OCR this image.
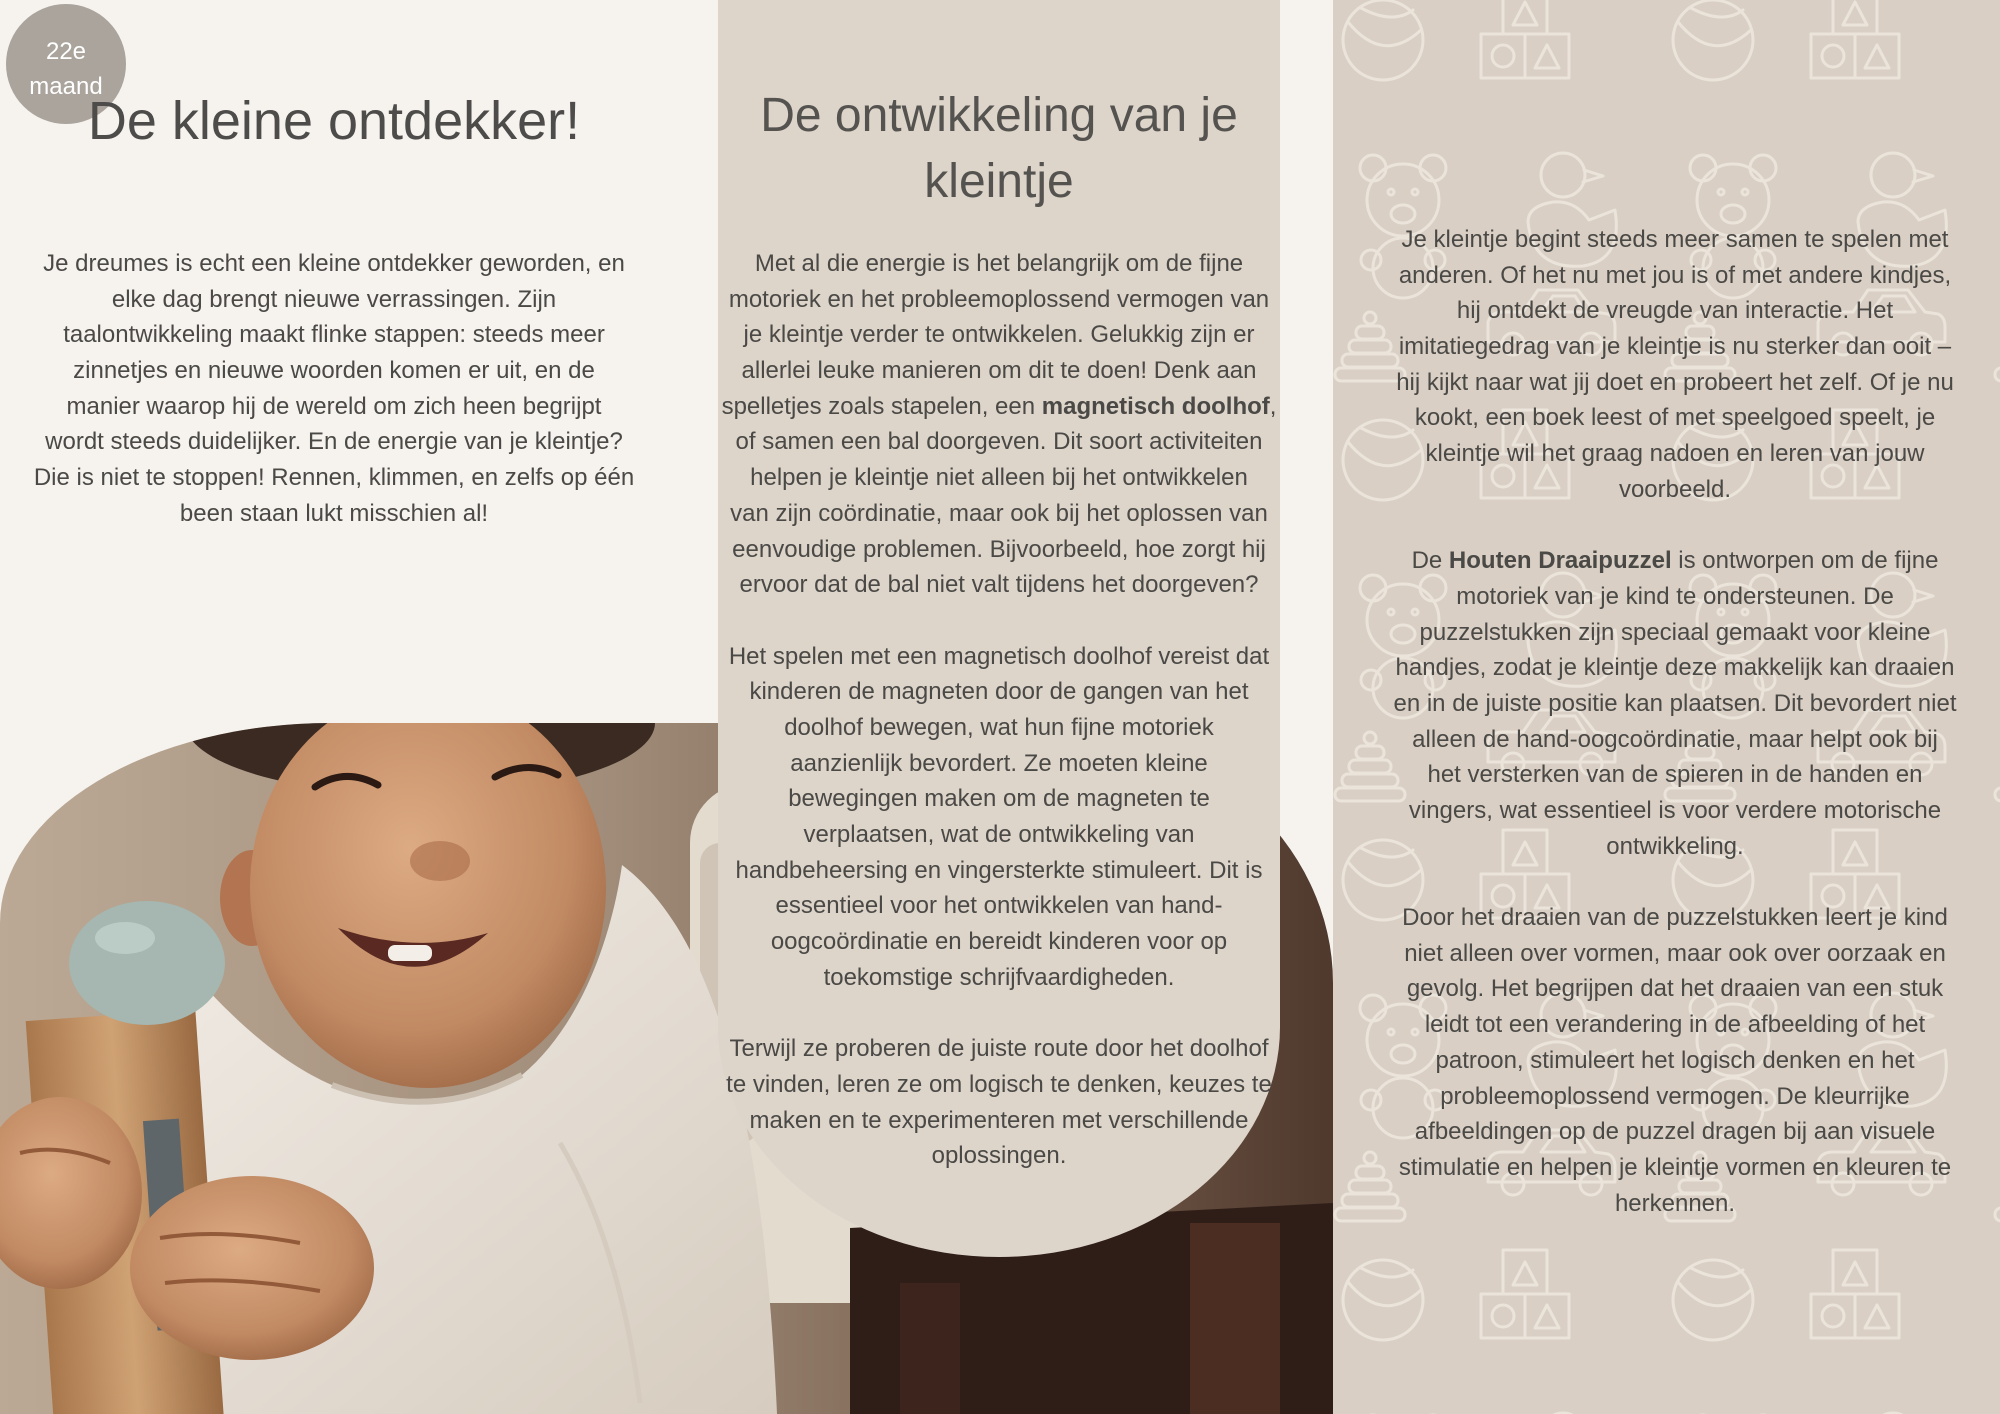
22e
maand
De kleine ontdekker!
Je dreumes is echt een kleine ontdekker geworden, en
elke dag brengt nieuwe verrassingen. Zijn
taalontwikkeling maakt flinke stappen: steeds meer
zinnetjes en nieuwe woorden komen er uit, en de
manier waarop hij de wereld om zich heen begrijpt
wordt steeds duidelijker. En de energie van je kleintje?
Die is niet te stoppen! Rennen, klimmen, en zelfs op één
been staan lukt misschien al!
De ontwikkeling van je
kleintje
Met al die energie is het belangrijk om de fijne
motoriek en het probleemoplossend vermogen van
je kleintje verder te ontwikkelen. Gelukkig zijn er
allerlei leuke manieren om dit te doen! Denk aan
spelletjes zoals stapelen, een magnetisch doolhof,
of samen een bal doorgeven. Dit soort activiteiten
helpen je kleintje niet alleen bij het ontwikkelen
van zijn coördinatie, maar ook bij het oplossen van
eenvoudige problemen. Bijvoorbeeld, hoe zorgt hij
ervoor dat de bal niet valt tijdens het doorgeven?
Het spelen met een magnetisch doolhof vereist dat
kinderen de magneten door de gangen van het
doolhof bewegen, wat hun fijne motoriek
aanzienlijk bevordert. Ze moeten kleine
bewegingen maken om de magneten te
verplaatsen, wat de ontwikkeling van
handbeheersing en vingersterkte stimuleert. Dit is
essentieel voor het ontwikkelen van hand-
oogcoördinatie en bereidt kinderen voor op
toekomstige schrijfvaardigheden.
Terwijl ze proberen de juiste route door het doolhof
te vinden, leren ze om logisch te denken, keuzes te
maken en te experimenteren met verschillende
oplossingen.
Je kleintje begint steeds meer samen te spelen met
anderen. Of het nu met jou is of met andere kindjes,
hij ontdekt de vreugde van interactie. Het
imitatiegedrag van je kleintje is nu sterker dan ooit –
hij kijkt naar wat jij doet en probeert het zelf. Of je nu
kookt, een boek leest of met speelgoed speelt, je
kleintje wil het graag nadoen en leren van jouw
voorbeeld.
De Houten Draaipuzzel is ontworpen om de fijne
motoriek van je kind te ondersteunen. De
puzzelstukken zijn speciaal gemaakt voor kleine
handjes, zodat je kleintje deze makkelijk kan draaien
en in de juiste positie kan plaatsen. Dit bevordert niet
alleen de hand-oogcoördinatie, maar helpt ook bij
het versterken van de spieren in de handen en
vingers, wat essentieel is voor verdere motorische
ontwikkeling.
Door het draaien van de puzzelstukken leert je kind
niet alleen over vormen, maar ook over oorzaak en
gevolg. Het begrijpen dat het draaien van een stuk
leidt tot een verandering in de afbeelding of het
patroon, stimuleert het logisch denken en het
probleemoplossend vermogen. De kleurrijke
afbeeldingen op de puzzel dragen bij aan visuele
stimulatie en helpen je kleintje vormen en kleuren te
herkennen.
